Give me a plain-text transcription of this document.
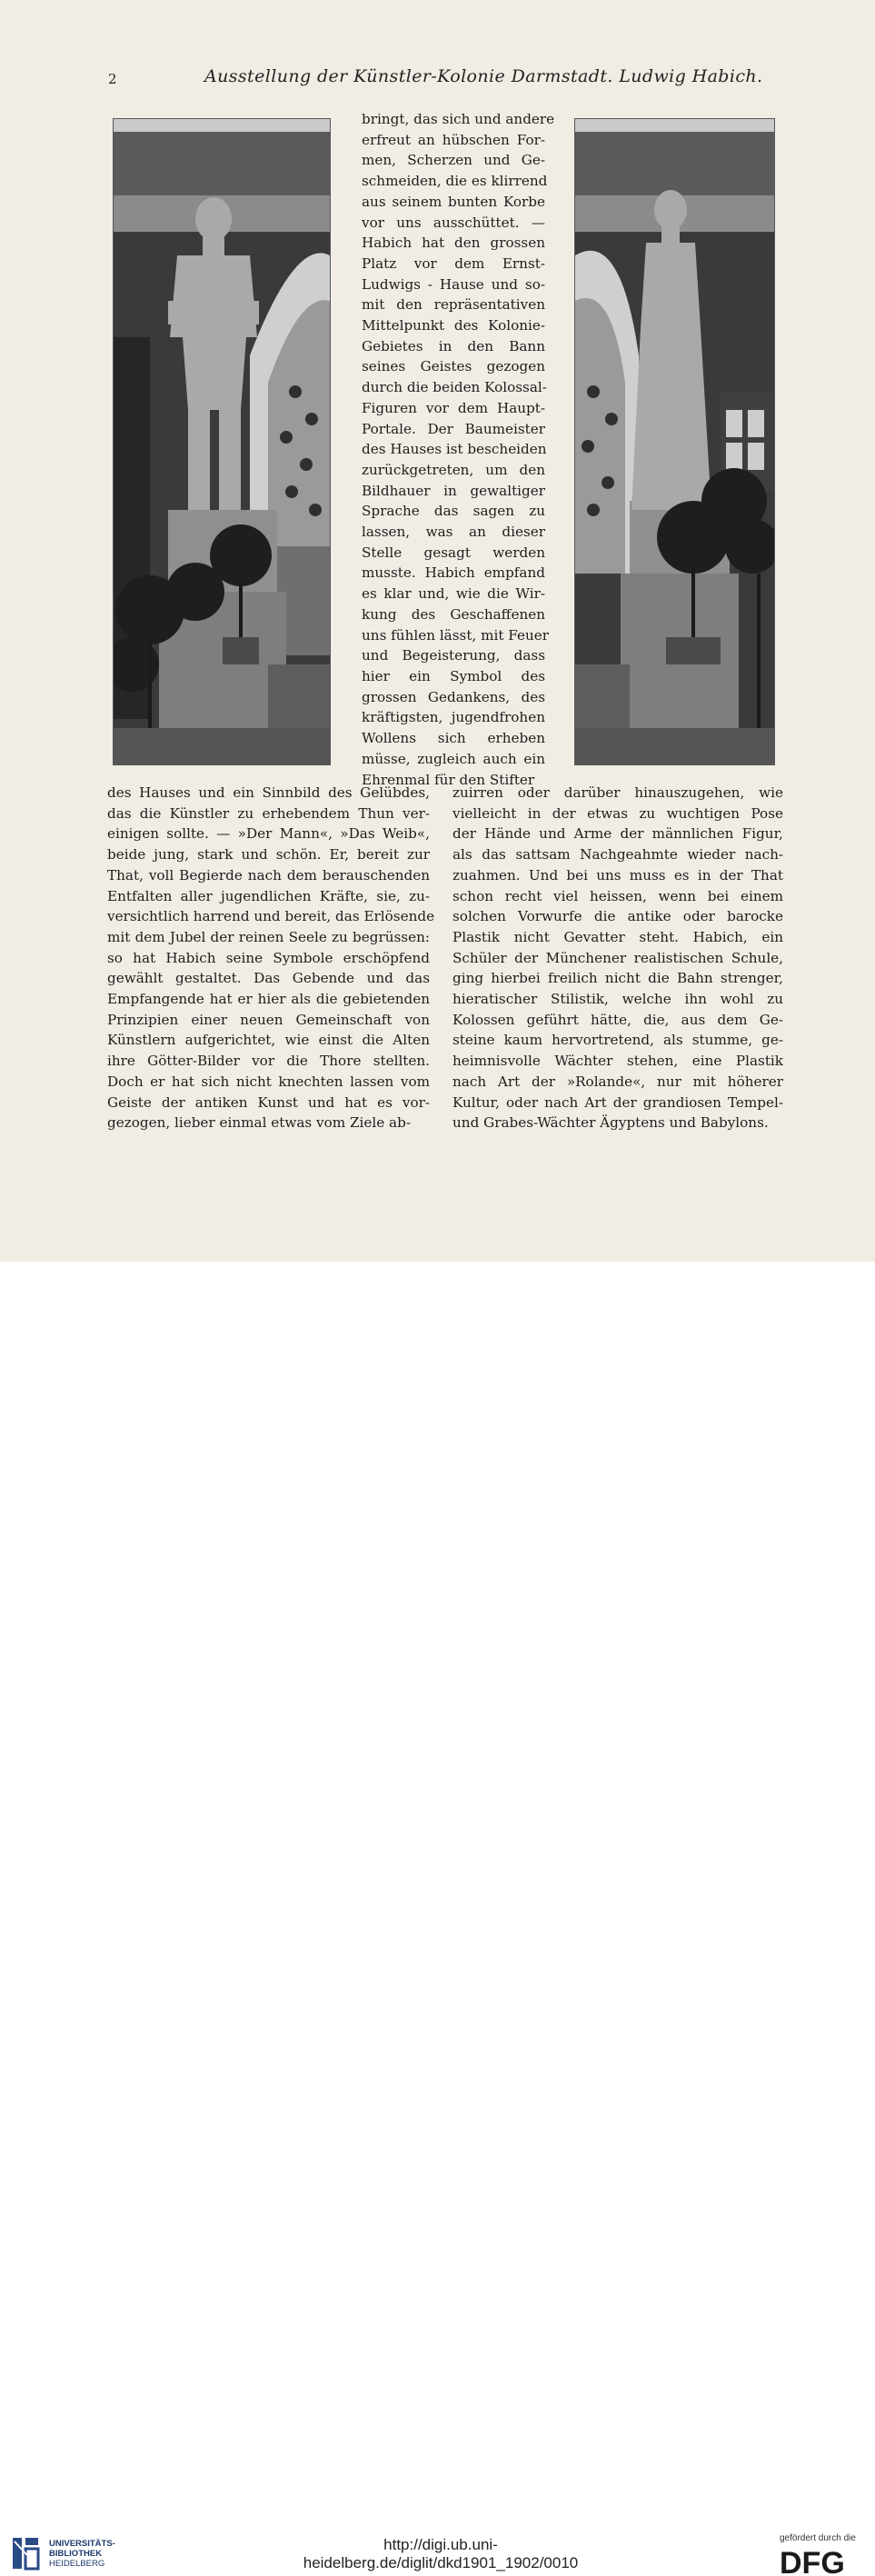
2	Ausstellung der Künstler-Kolonie Darmstadt. Ludwig Habich.
bringt, das sich und andere
erfreut an hübschen For-
men, Scherzen und Ge-
schmeiden, die es klirrend
aus seinem bunten Korbe
vor uns ausschüttet. —
Habich hat den grossen
Platz vor dem Ernst-
Ludwigs - Hause und so-
mit den repräsentativen
Mittelpunkt des Kolonie-
Gebietes in den Bann
seines Geistes gezogen
durch die beiden Kolossal-
Figuren vor dem Haupt-
Portale. Der Baumeister
des Hauses ist bescheiden
zurückgetreten, um den
Bildhauer in gewaltiger
Sprache das sagen zu
lassen, was an dieser
Stelle gesagt werden
musste. Habich empfand
es klar und, wie die Wir-
kung des Geschaffenen
uns fühlen lässt, mit Feuer
und Begeisterung, dass
hier ein Symbol des
grossen Gedankens, des
kräftigsten, jugendfrohen
Wollens sich erheben
müsse, zugleich auch ein
Ehrenmal für den Stifter
des Hauses und ein Sinnbild des Gelübdes,
das die Künstler zu erhebendem Thun ver-
einigen sollte. — »Der Mann«, »Das Weib«,
beide jung, stark und schön. Er, bereit zur
That, voll Begierde nach dem berauschenden
Entfalten aller jugendlichen Kräfte, sie, zu-
versichtlich harrend und bereit, das Erlösende
mit dem Jubel der reinen Seele zu begrüssen:
so hat Habich seine Symbole erschöpfend
gewählt gestaltet. Das Gebende und das
Empfangende hat er hier als die gebietenden
Prinzipien einer neuen Gemeinschaft von
Künstlern aufgerichtet, wie einst die Alten
ihre Götter-Bilder vor die Thore stellten.
Doch er hat sich nicht knechten lassen vom
Geiste der antiken Kunst und hat es vor-
gezogen, lieber einmal etwas vom Ziele ab-
zuirren oder darüber hinauszugehen, wie
vielleicht in der etwas zu wuchtigen Pose
der Hände und Arme der männlichen Figur,
als das sattsam Nachgeahmte wieder nach-
zuahmen. Und bei uns muss es in der That
schon recht viel heissen, wenn bei einem
solchen Vorwurfe die antike oder barocke
Plastik nicht Gevatter steht. Habich, ein
Schüler der Münchener realistischen Schule,
ging hierbei freilich nicht die Bahn strenger,
hieratischer Stilistik, welche ihn wohl zu
Kolossen geführt hätte, die, aus dem Ge-
steine kaum hervortretend, als stumme, ge-
heimnisvolle Wächter stehen, eine Plastik
nach Art der »Rolande«, nur mit höherer
Kultur, oder nach Art der grandiosen Tempel-
und Grabes-Wächter Ägyptens und Babylons.
UNIVERSITÄTS-
BIBLIOTHEK
HEIDELBERG
http://digi.ub.uni-heidelberg.de/diglit/dkd1901_1902/0010
gefördert durch die
DFG
